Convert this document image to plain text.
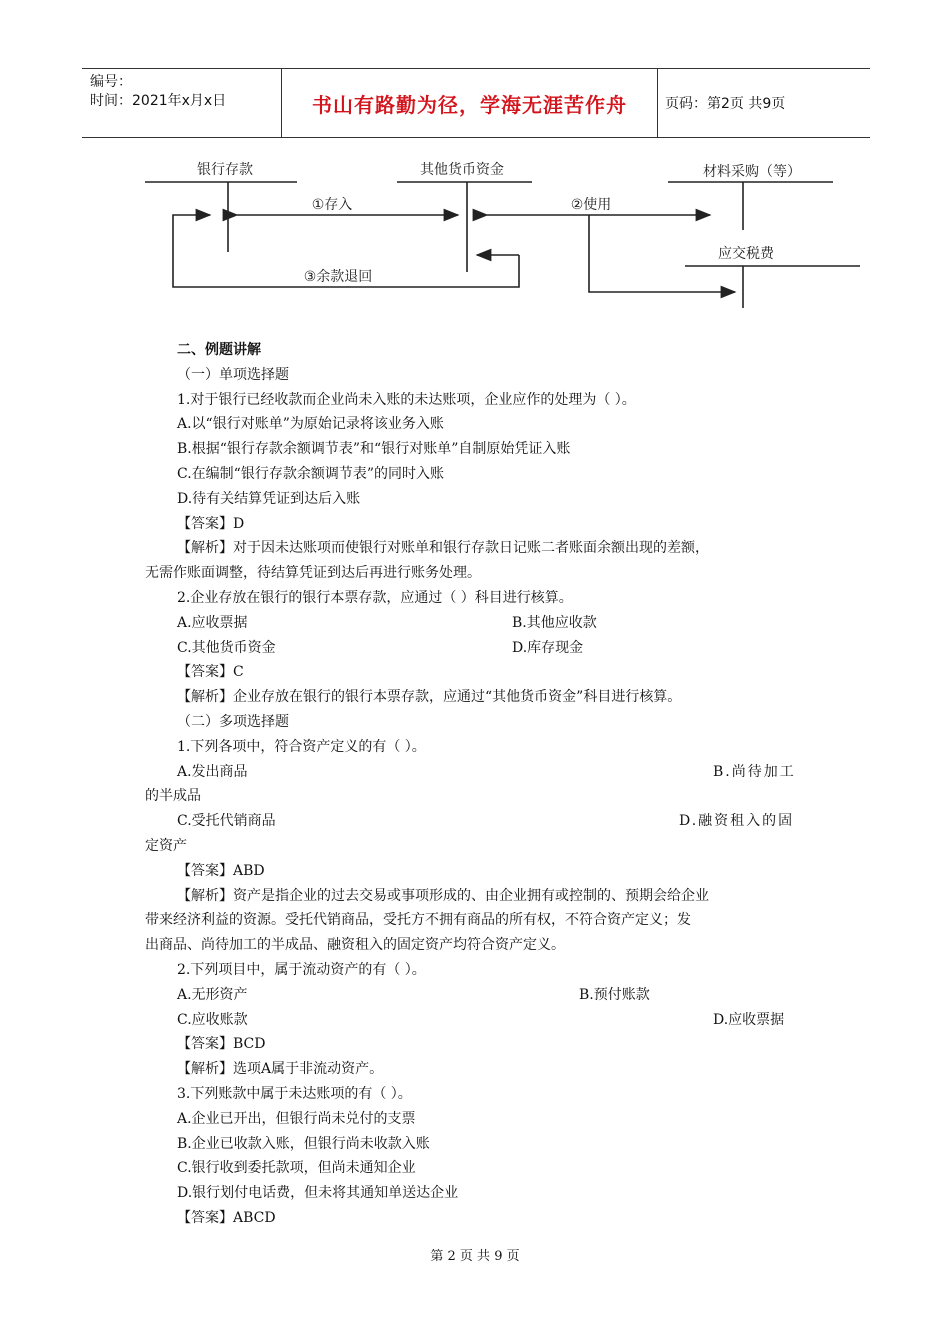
编号：
时间：2021年x月x日	书山有路勤为径，学海无涯苦作舟	页码：第2页 共9页
银行存款	其他货币资金	材料采购（等）
应交税费
①存入	②使用
③余款退回

二、例题讲解

（一）单项选择题

1.对于银行已经收款而企业尚未入账的未达账项，企业应作的处理为（ ）。

A.以“银行对账单”为原始记录将该业务入账

B.根据“银行存款余额调节表”和“银行对账单”自制原始凭证入账

C.在编制“银行存款余额调节表”的同时入账

D.待有关结算凭证到达后入账

【答案】D

【解析】对于因未达账项而使银行对账单和银行存款日记账二者账面余额出现的差额，

无需作账面调整，待结算凭证到达后再进行账务处理。

2.企业存放在银行的银行本票存款，应通过（ ）科目进行核算。

A.应收票据	B.其他应收款

C.其他货币资金	D.库存现金

【答案】C

【解析】企业存放在银行的银行本票存款，应通过“其他货币资金”科目进行核算。

（二）多项选择题

1.下列各项中，符合资产定义的有（ ）。

A.发出商品	B.尚待加工

的半成品

C.受托代销商品	D.融资租入的固

定资产

【答案】ABD

【解析】资产是指企业的过去交易或事项形成的、由企业拥有或控制的、预期会给企业

带来经济利益的资源。受托代销商品，受托方不拥有商品的所有权，不符合资产定义；发

出商品、尚待加工的半成品、融资租入的固定资产均符合资产定义。

2.下列项目中，属于流动资产的有（ ）。

A.无形资产	B.预付账款

C.应收账款	D.应收票据

【答案】BCD

【解析】选项A属于非流动资产。

3.下列账款中属于未达账项的有（ ）。

A.企业已开出，但银行尚未兑付的支票

B.企业已收款入账，但银行尚未收款入账

C.银行收到委托款项，但尚未通知企业

D.银行划付电话费，但未将其通知单送达企业

【答案】ABCD

第 2 页 共 9 页
